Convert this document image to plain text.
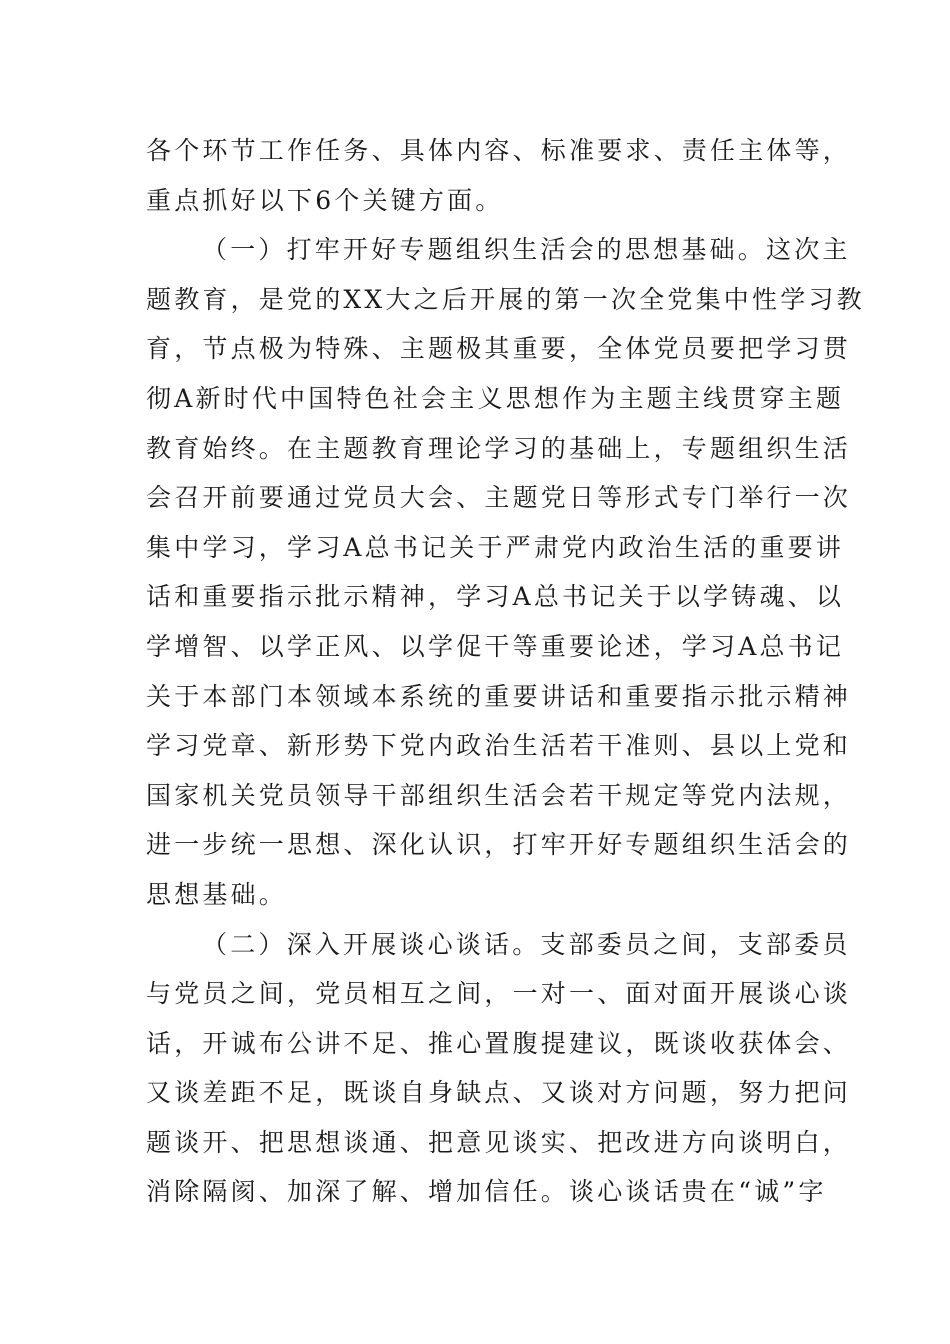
各个环节工作任务、具体内容、标准要求、责任主体等，
重点抓好以下6个关键方面。
（一）打牢开好专题组织生活会的思想基础。这次主
题教育，是党的XX大之后开展的第一次全党集中性学习教
育，节点极为特殊、主题极其重要，全体党员要把学习贯
彻A新时代中国特色社会主义思想作为主题主线贯穿主题
教育始终。在主题教育理论学习的基础上，专题组织生活
会召开前要通过党员大会、主题党日等形式专门举行一次
集中学习，学习A总书记关于严肃党内政治生活的重要讲
话和重要指示批示精神，学习A总书记关于以学铸魂、以
学增智、以学正风、以学促干等重要论述，学习A总书记
关于本部门本领域本系统的重要讲话和重要指示批示精神
学习党章、新形势下党内政治生活若干准则、县以上党和
国家机关党员领导干部组织生活会若干规定等党内法规，
进一步统一思想、深化认识，打牢开好专题组织生活会的
思想基础。
（二）深入开展谈心谈话。支部委员之间，支部委员
与党员之间，党员相互之间，一对一、面对面开展谈心谈
话，开诚布公讲不足、推心置腹提建议，既谈收获体会、
又谈差距不足，既谈自身缺点、又谈对方问题，努力把问
题谈开、把思想谈通、把意见谈实、把改进方向谈明白，
消除隔阂、加深了解、增加信任。谈心谈话贵在“诚”字
